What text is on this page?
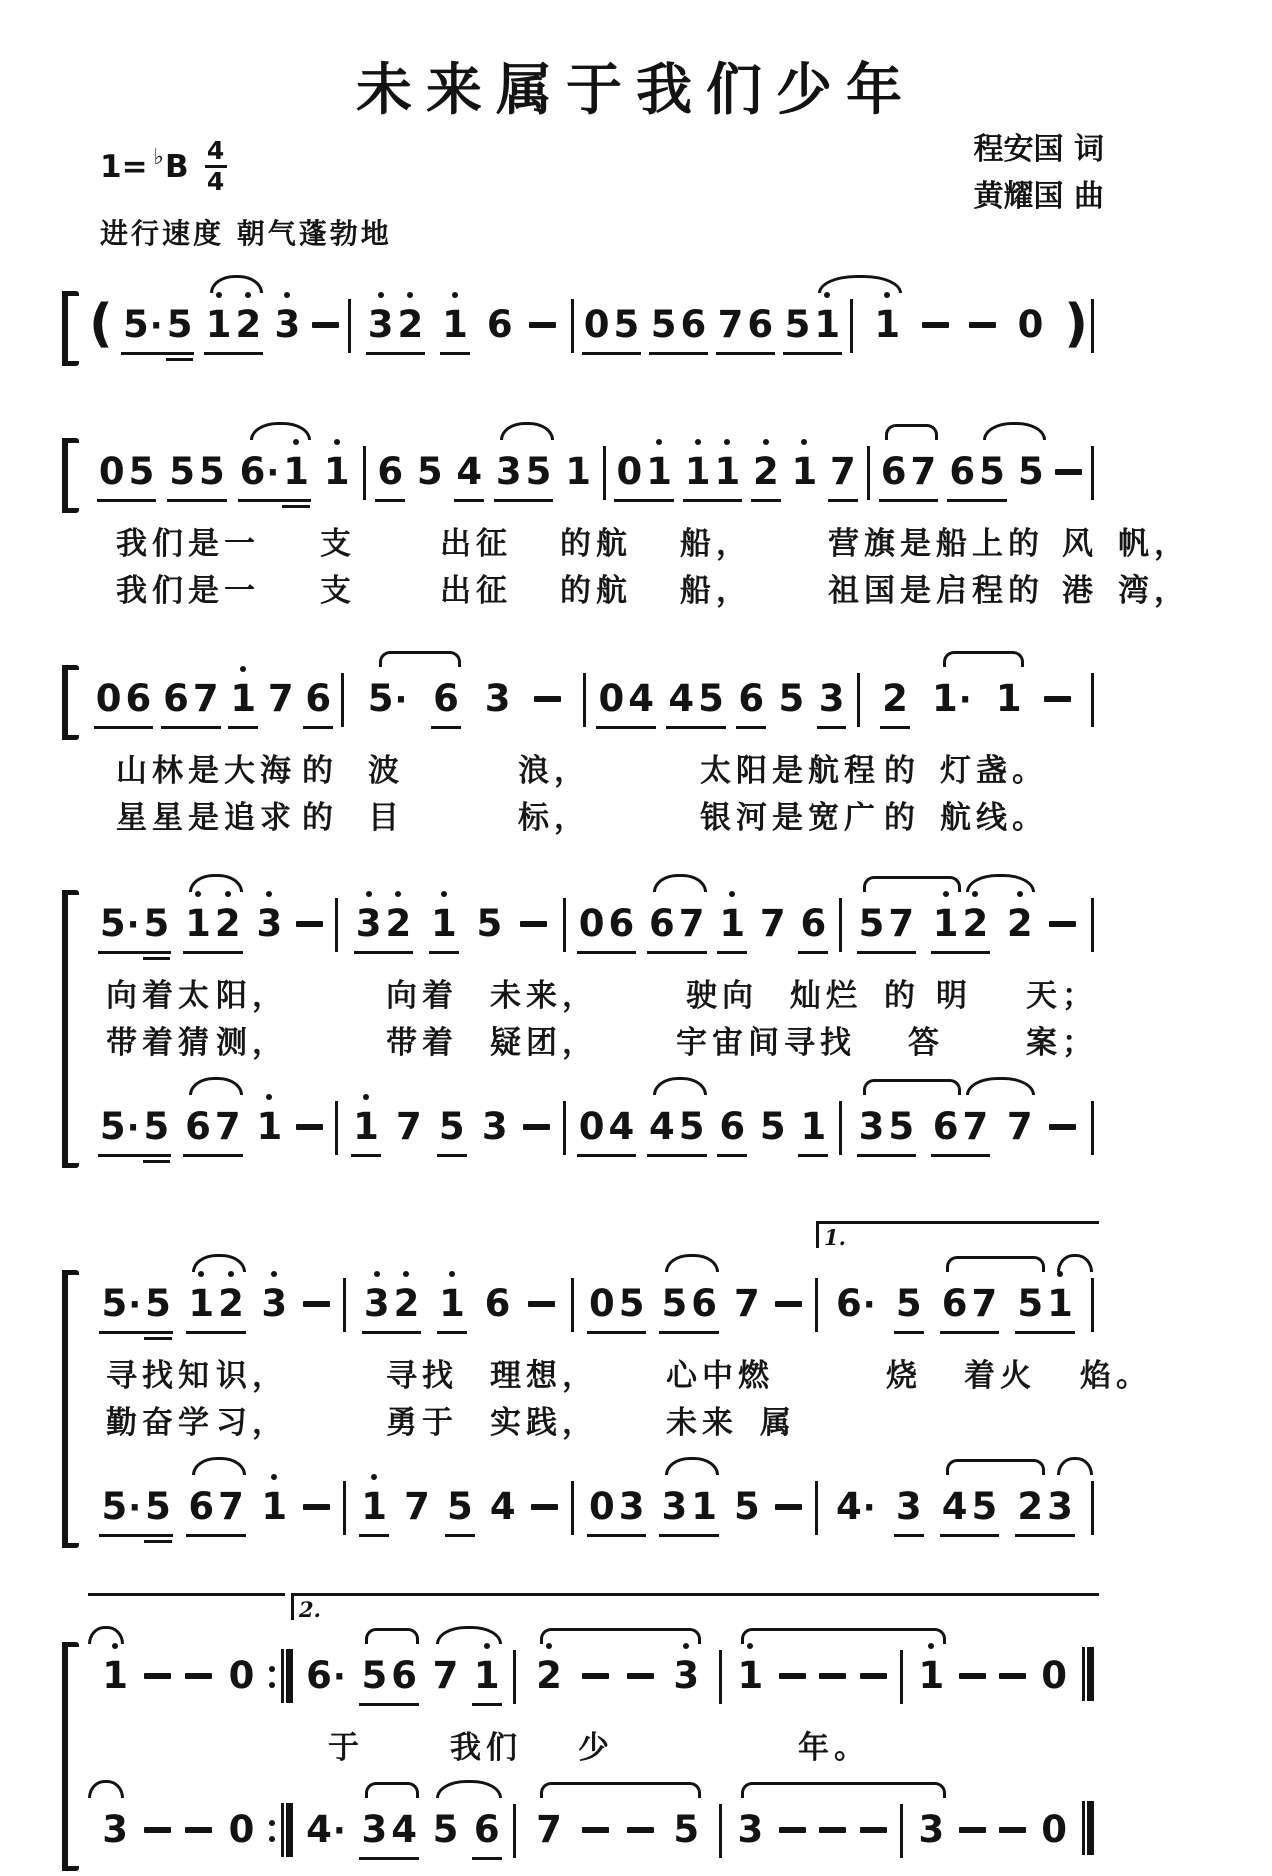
未来属于我们少年
程安国 词
黄耀国 曲
1= ♭ B $\frac{4}{4}$
进行速度 朝气蓬勃地
( 5· 5 1 2 3 3 2 1 6 0 5 5 6 7 6 5 1 1	0 )
0 5 5 5 6· 1 1 6 5 4 3 5 1 0 1 1 1 2 1 7 6 7 6 5 5
我们是一 支	出征 的航 船， 营旗是船上 的 风 帆，
我们是一 支	出征 的航 船， 祖国是启程 的 港 湾，
0 6 6 7 1 7 6 5· 6 3 0 4 4 5 6 5 3 2 1· 1
山林是大海 的 波	浪，	太阳是航程 的 灯盏。
星星是追求 的 目	标，	银河是宽广 的 航线。
5· 5 1 2 3 3 2 1 5 0 6 6 7 1 7 6 5 7 1 2 2
向着太 阳，	向着 未来，	驶向 灿烂 的 明 天；
带着猜 测，	带着 疑团，	宇宙间寻找 答	案；
5· 5 6 7 1 1 7 5 3 0 4 4 5 6 5 1 3 5 6 7 7
5· 5 1 2 3 3 2 1 6 0 5 5 6 7 6· 5 6 7 5 1
1.
寻找知 识，	寻找 理想， 心中燃	烧 着火 焰。
勤奋学 习，	勇于 实践， 未来 属
5· 5 6 7 1 1 7 5 4 0 3 3 1 5 4· 3 4 5 2 3
1	0 6· 5 6 7 1 2	3 1	1	0
2.
于	我们 少	年。
3	0 4· 3 4 5 6 7	5 3	3	0
